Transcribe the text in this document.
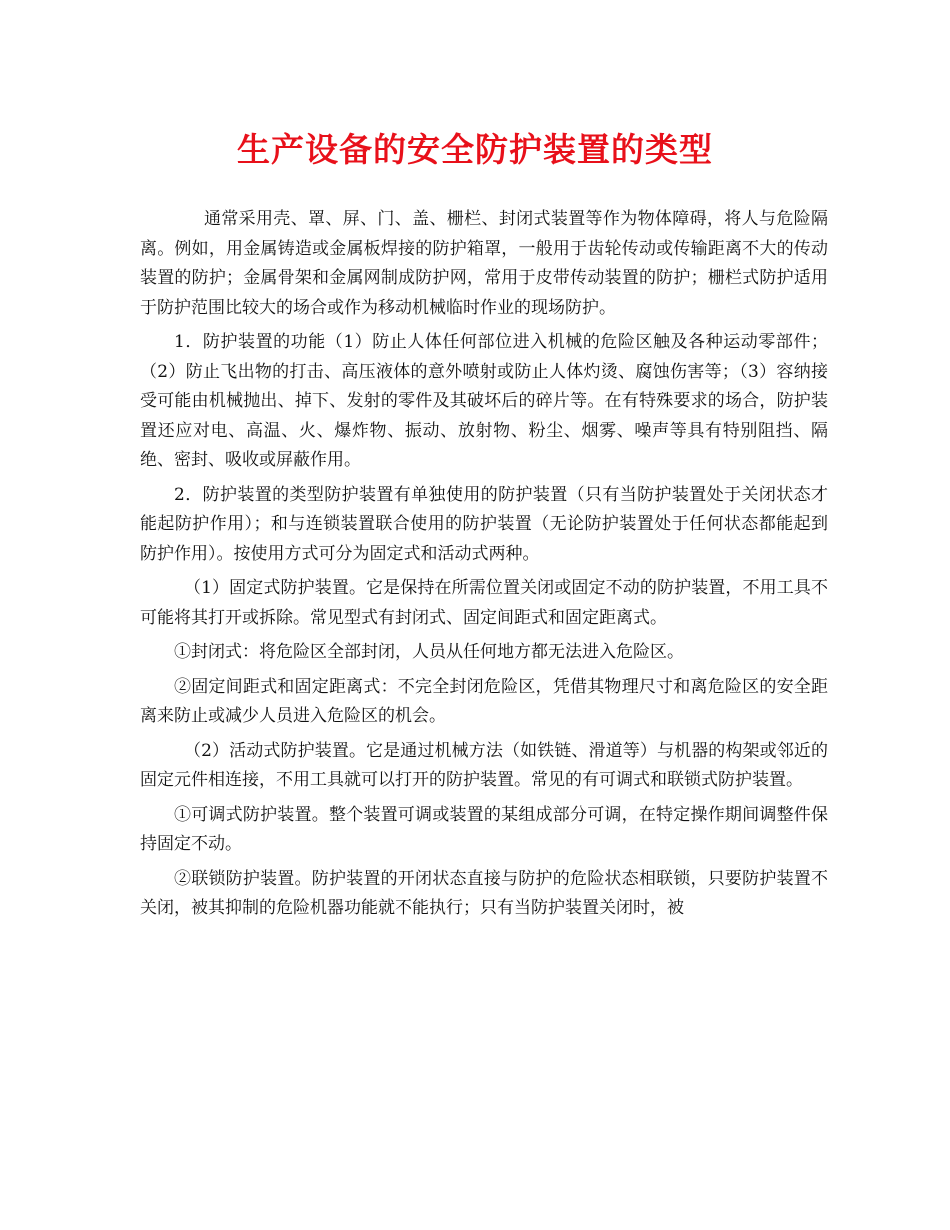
生产设备的安全防护装置的类型

通常采用壳、罩、屏、门、盖、栅栏、封闭式装置等作为物体障碍，将人与危险隔离。例如，用金属铸造或金属板焊接的防护箱罩，一般用于齿轮传动或传输距离不大的传动装置的防护；金属骨架和金属网制成防护网，常用于皮带传动装置的防护；栅栏式防护适用于防护范围比较大的场合或作为移动机械临时作业的现场防护。

1．防护装置的功能（1）防止人体任何部位进入机械的危险区触及各种运动零部件；（2）防止飞出物的打击、高压液体的意外喷射或防止人体灼烫、腐蚀伤害等；（3）容纳接受可能由机械抛出、掉下、发射的零件及其破坏后的碎片等。在有特殊要求的场合，防护装置还应对电、高温、火、爆炸物、振动、放射物、粉尘、烟雾、噪声等具有特别阻挡、隔绝、密封、吸收或屏蔽作用。

2．防护装置的类型防护装置有单独使用的防护装置（只有当防护装置处于关闭状态才能起防护作用）；和与连锁装置联合使用的防护装置（无论防护装置处于任何状态都能起到防护作用）。按使用方式可分为固定式和活动式两种。

（1）固定式防护装置。它是保持在所需位置关闭或固定不动的防护装置，不用工具不可能将其打开或拆除。常见型式有封闭式、固定间距式和固定距离式。

①封闭式：将危险区全部封闭，人员从任何地方都无法进入危险区。

②固定间距式和固定距离式：不完全封闭危险区，凭借其物理尺寸和离危险区的安全距离来防止或减少人员进入危险区的机会。

（2）活动式防护装置。它是通过机械方法（如铁链、滑道等）与机器的构架或邻近的固定元件相连接，不用工具就可以打开的防护装置。常见的有可调式和联锁式防护装置。

①可调式防护装置。整个装置可调或装置的某组成部分可调，在特定操作期间调整件保持固定不动。

②联锁防护装置。防护装置的开闭状态直接与防护的危险状态相联锁，只要防护装置不关闭，被其抑制的危险机器功能就不能执行；只有当防护装置关闭时，被
